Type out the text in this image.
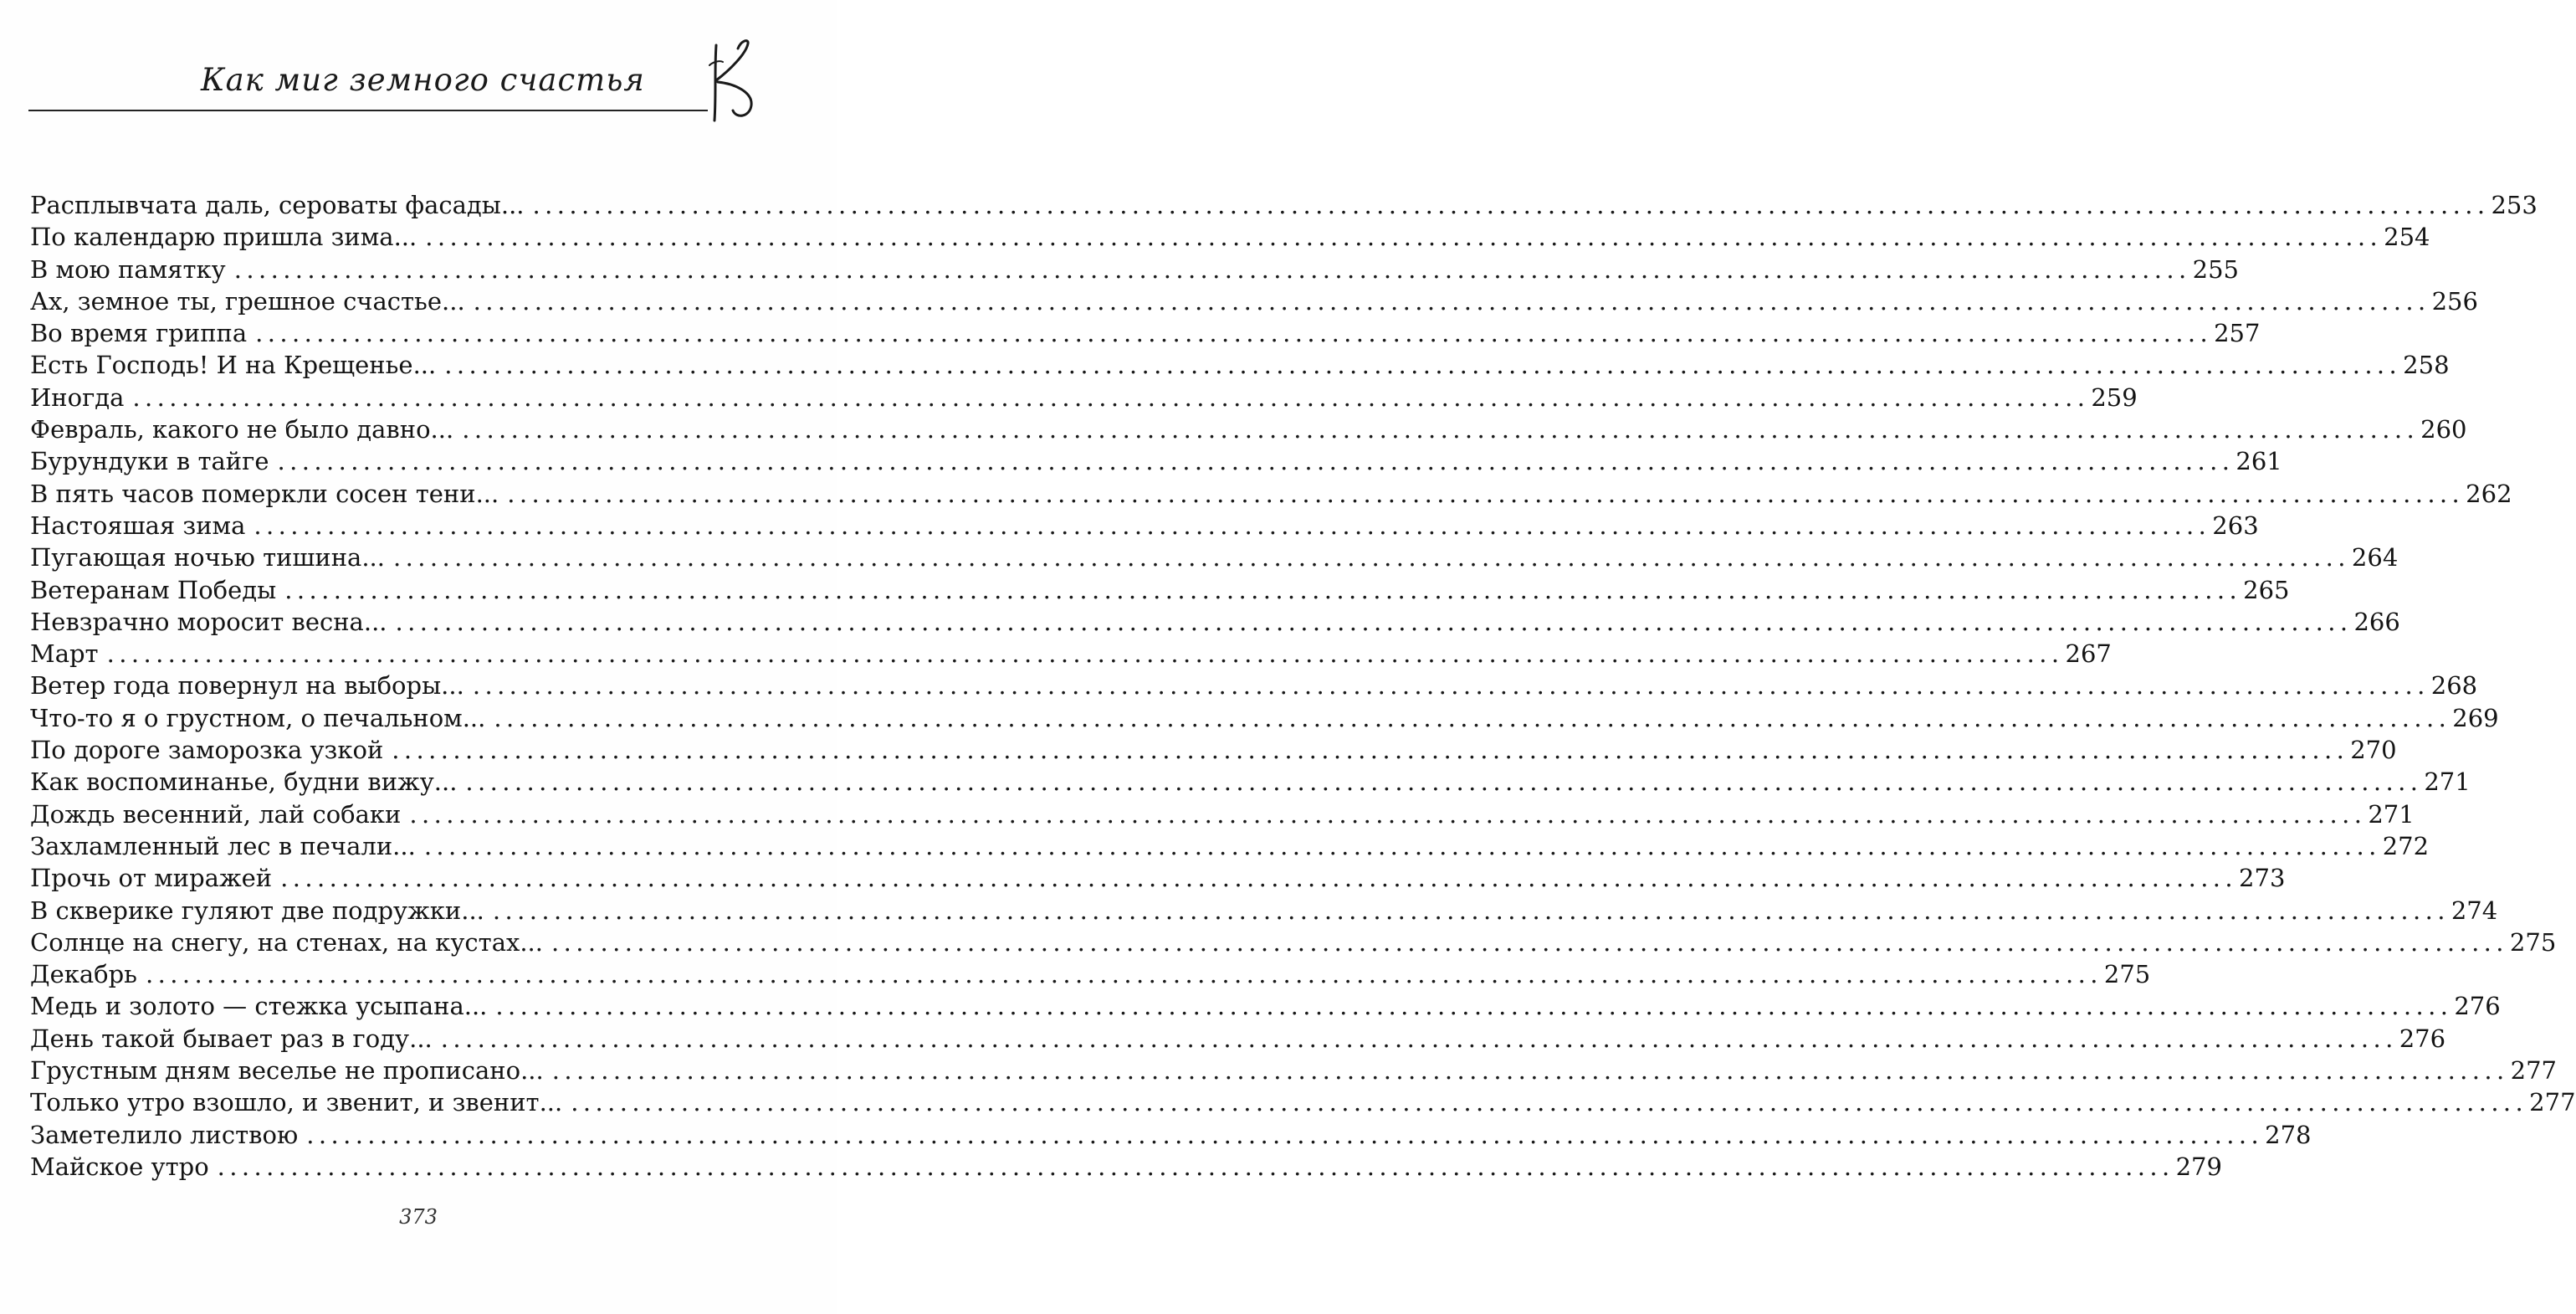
Как миг земного счастья
Расплывчата даль, сероваты фасады... ................................................................................................................................................................ 253
По календарю пришла зима... ................................................................................................................................................................ 254
В мою памятку ................................................................................................................................................................ 255
Ах, земное ты, грешное счастье... ................................................................................................................................................................ 256
Во время гриппа ................................................................................................................................................................ 257
Есть Господь! И на Крещенье... ................................................................................................................................................................ 258
Иногда ................................................................................................................................................................ 259
Февраль, какого не было давно... ................................................................................................................................................................ 260
Бурундуки в тайге ................................................................................................................................................................ 261
В пять часов померкли сосен тени... ................................................................................................................................................................ 262
Настояшая зима ................................................................................................................................................................ 263
Пугающая ночью тишина... ................................................................................................................................................................ 264
Ветеранам Победы ................................................................................................................................................................ 265
Невзрачно моросит весна... ................................................................................................................................................................ 266
Март ................................................................................................................................................................ 267
Ветер года повернул на выборы... ................................................................................................................................................................ 268
Что-то я о грустном, о печальном... ................................................................................................................................................................ 269
По дороге заморозка узкой ................................................................................................................................................................ 270
Как воспоминанье, будни вижу... ................................................................................................................................................................ 271
Дождь весенний, лай собаки ................................................................................................................................................................ 271
Захламленный лес в печали... ................................................................................................................................................................ 272
Прочь от миражей ................................................................................................................................................................ 273
В скверике гуляют две подружки... ................................................................................................................................................................ 274
Солнце на снегу, на стенах, на кустах... ................................................................................................................................................................ 275
Декабрь ................................................................................................................................................................ 275
Медь и золото — стежка усыпана... ................................................................................................................................................................ 276
День такой бывает раз в году... ................................................................................................................................................................ 276
Грустным дням веселье не прописано... ................................................................................................................................................................ 277
Только утро взошло, и звенит, и звенит... ................................................................................................................................................................ 277
Заметелило листвою ................................................................................................................................................................ 278
Майское утро ................................................................................................................................................................ 279
373
